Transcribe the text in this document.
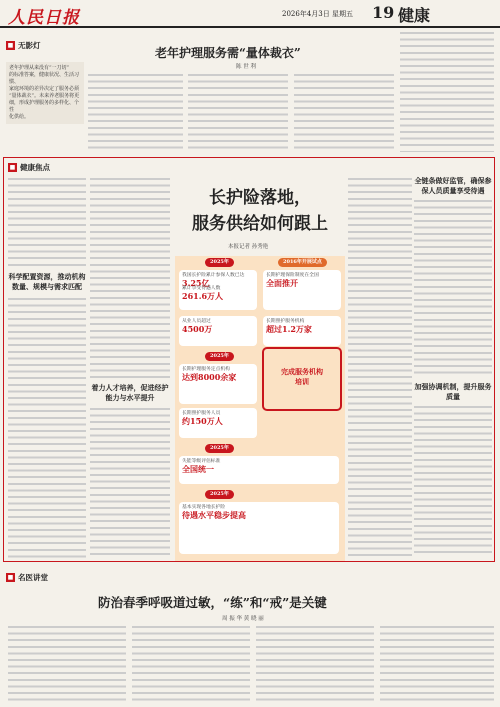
人民日报	2026年4月3日 星期五 19 健康
■ 无影灯
老年护理服务需“量体裁衣”
陈 世 利
老年护理从来没有“一刀切”
的标准答案，健康状况、生活习惯、
家庭环境的差异决定了服务必须
“量体裁衣”。未来养老服务将更
细，形成护理服务的多样化、个性
化供给。
■ 健康焦点
长护险落地，
服务供给如何跟上
本报记者 孙秀艳
科学配置资源，推动机构
数量、规模与需求匹配
着力人才培养，促进经护
能力与水平提升
2025年	2016年开展试点
我国长护险累计参保人数已达
3.25亿
累计享受待遇人数
261.6万人
长期护理保险制度在全国
全面推开
从业人员超过
4500万
长期照护服务机构
超过1.2万家
2025年
长期护理服务定点机构
达到8000余家
长期照护服务人员
约150万人
2025年
失能等级评估标准
全国统一
2025年
基本实现各地长护险
待遇水平稳步提高
完成服务机构
培训
全链条做好监管，确保参
保人员质量享受待遇
加强协调机制，提升服务
质量
■ 名医讲堂
防治春季呼吸道过敏，“练”和“戒”是关键
周 振 华 黄 晓 丽
